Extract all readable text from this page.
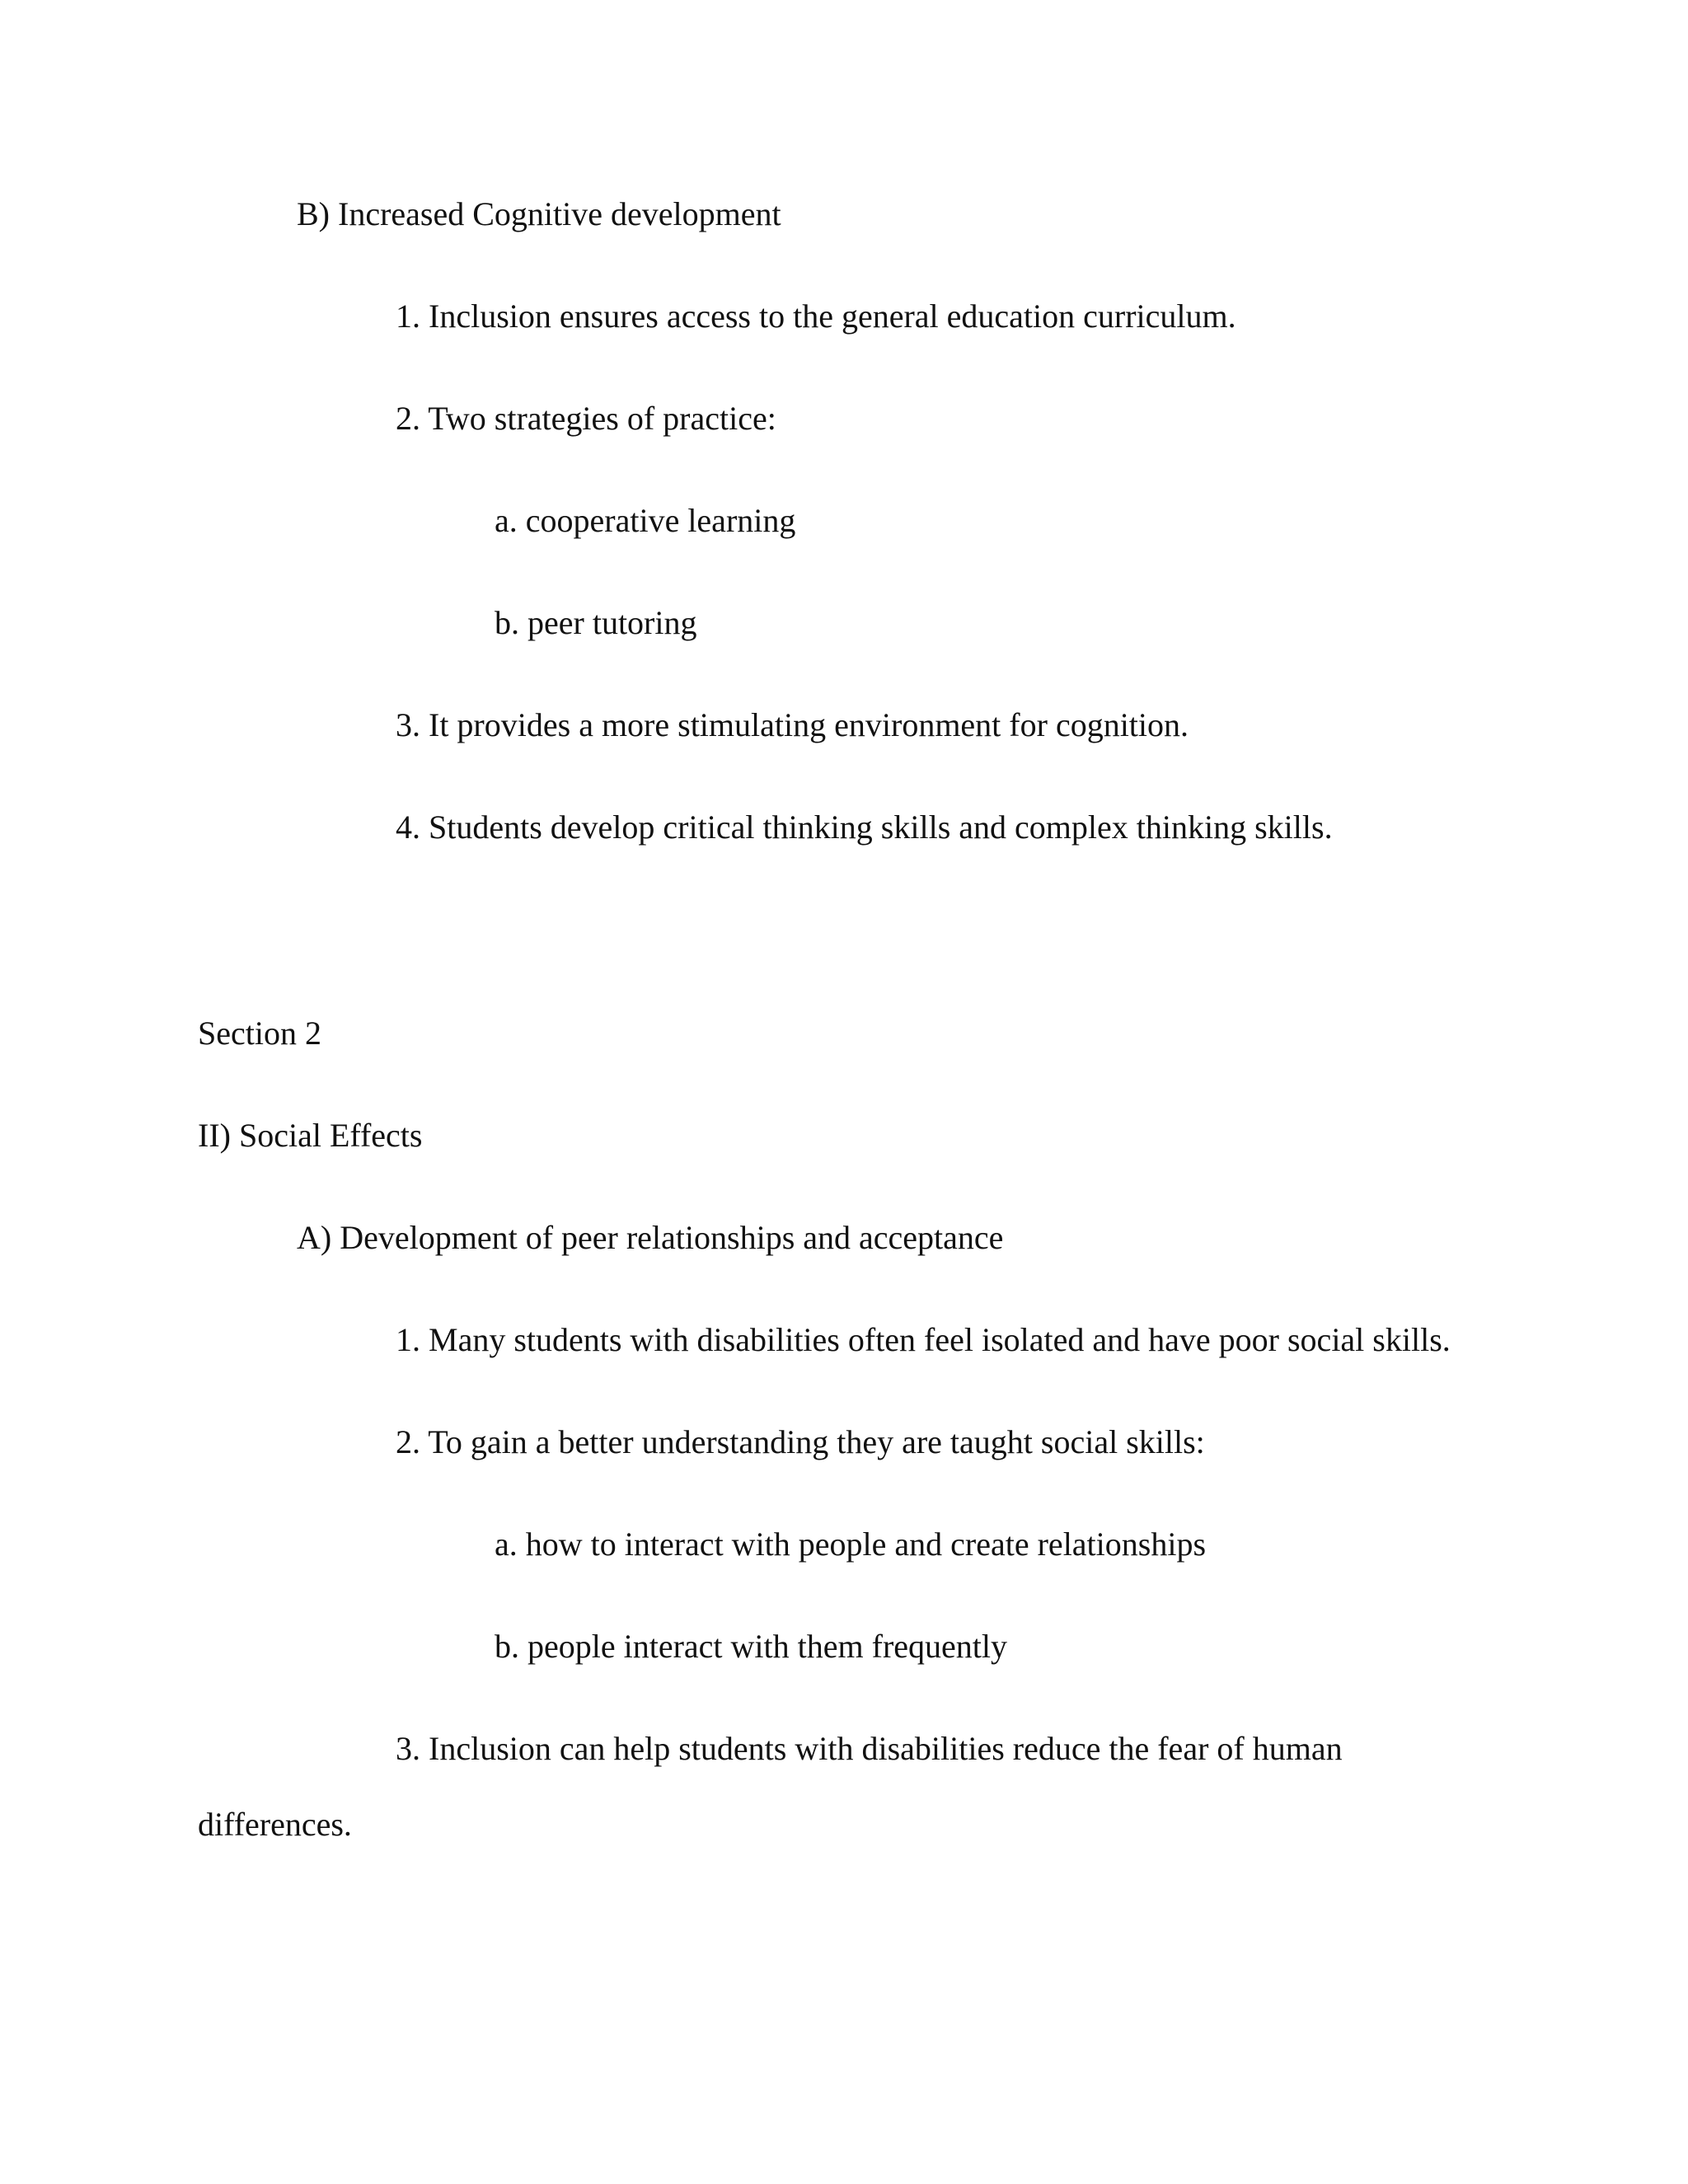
B) Increased Cognitive development

1. Inclusion ensures access to the general education curriculum.

2. Two strategies of practice:

a. cooperative learning

b. peer tutoring

3. It provides a more stimulating environment for cognition.

4. Students develop critical thinking skills and complex thinking skills.

Section 2

II) Social Effects

A) Development of peer relationships and acceptance

1. Many students with disabilities often feel isolated and have poor social skills.

2. To gain a better understanding they are taught social skills:

a. how to interact with people and create relationships

b. people interact with them frequently

3. Inclusion can help students with disabilities reduce the fear of human

differences.
